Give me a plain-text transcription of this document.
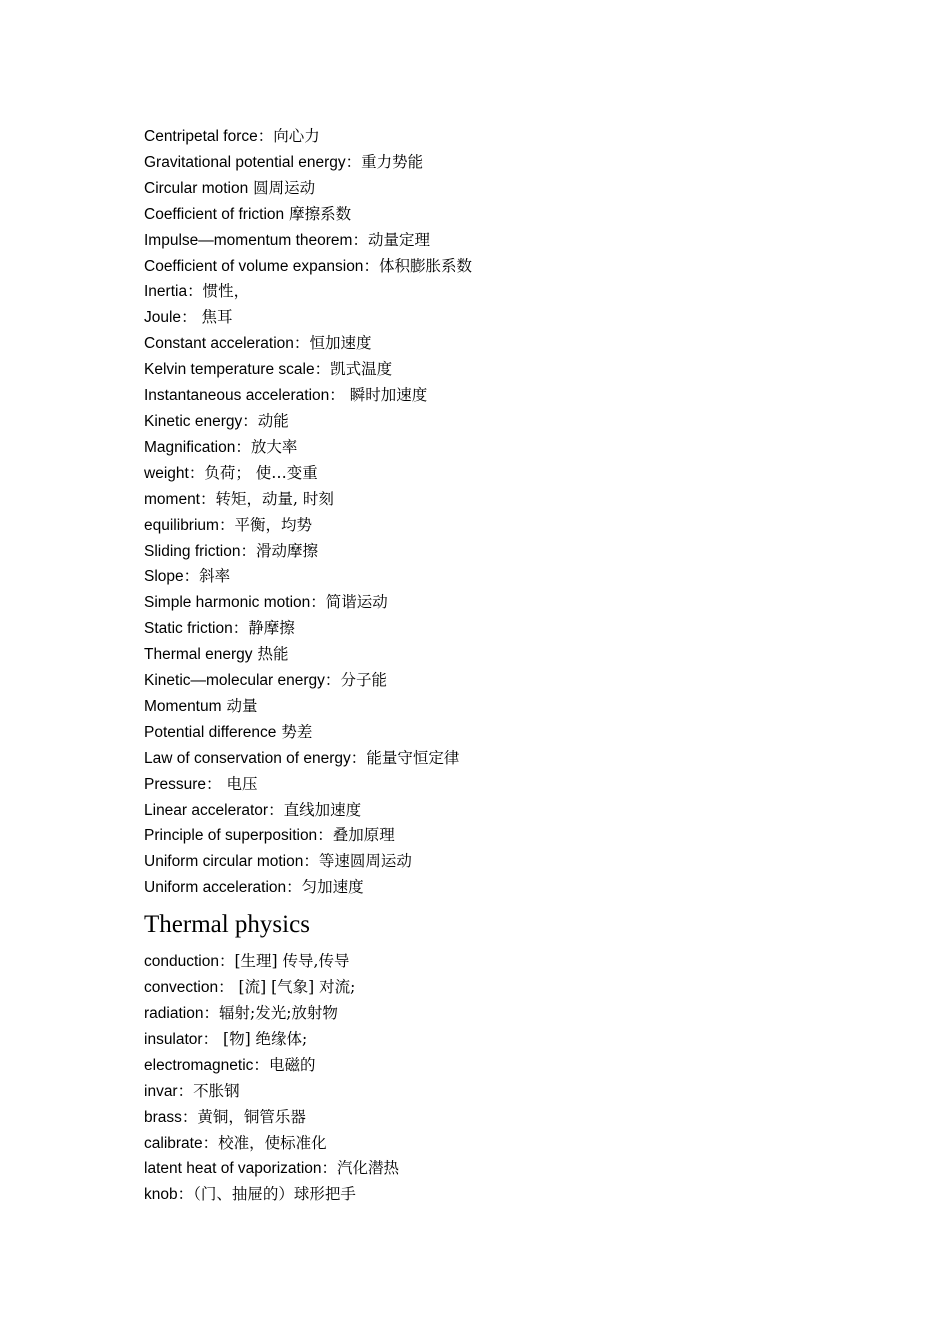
Centripetal force：向心力
Gravitational potential energy：重力势能
Circular motion 圆周运动
Coefficient of friction 摩擦系数
Impulse—momentum theorem：动量定理
Coefficient of volume expansion：体积膨胀系数
Inertia：惯性，
Joule： 焦耳
Constant acceleration：恒加速度
Kelvin temperature scale：凯式温度
Instantaneous acceleration： 瞬时加速度
Kinetic energy：动能
Magnification：放大率
weight：负荷； 使…变重
moment：转矩，动量, 时刻
equilibrium：平衡，均势
Sliding friction：滑动摩擦
Slope：斜率
Simple harmonic motion：简谐运动
Static friction：静摩擦
Thermal energy 热能
Kinetic—molecular energy：分子能
Momentum 动量
Potential difference 势差
Law of conservation of energy：能量守恒定律
Pressure： 电压
Linear accelerator：直线加速度
Principle of superposition：叠加原理
Uniform circular motion：等速圆周运动
Uniform acceleration：匀加速度
Thermal physics
conduction：[生理] 传导,传导
convection： [流] [气象] 对流;
radiation：辐射;发光;放射物
insulator： [物] 绝缘体;
electromagnetic：电磁的
invar：不胀钢
brass：黄铜，铜管乐器
calibrate：校准，使标准化
latent heat of vaporization：汽化潜热
knob：（门、抽屉的）球形把手
